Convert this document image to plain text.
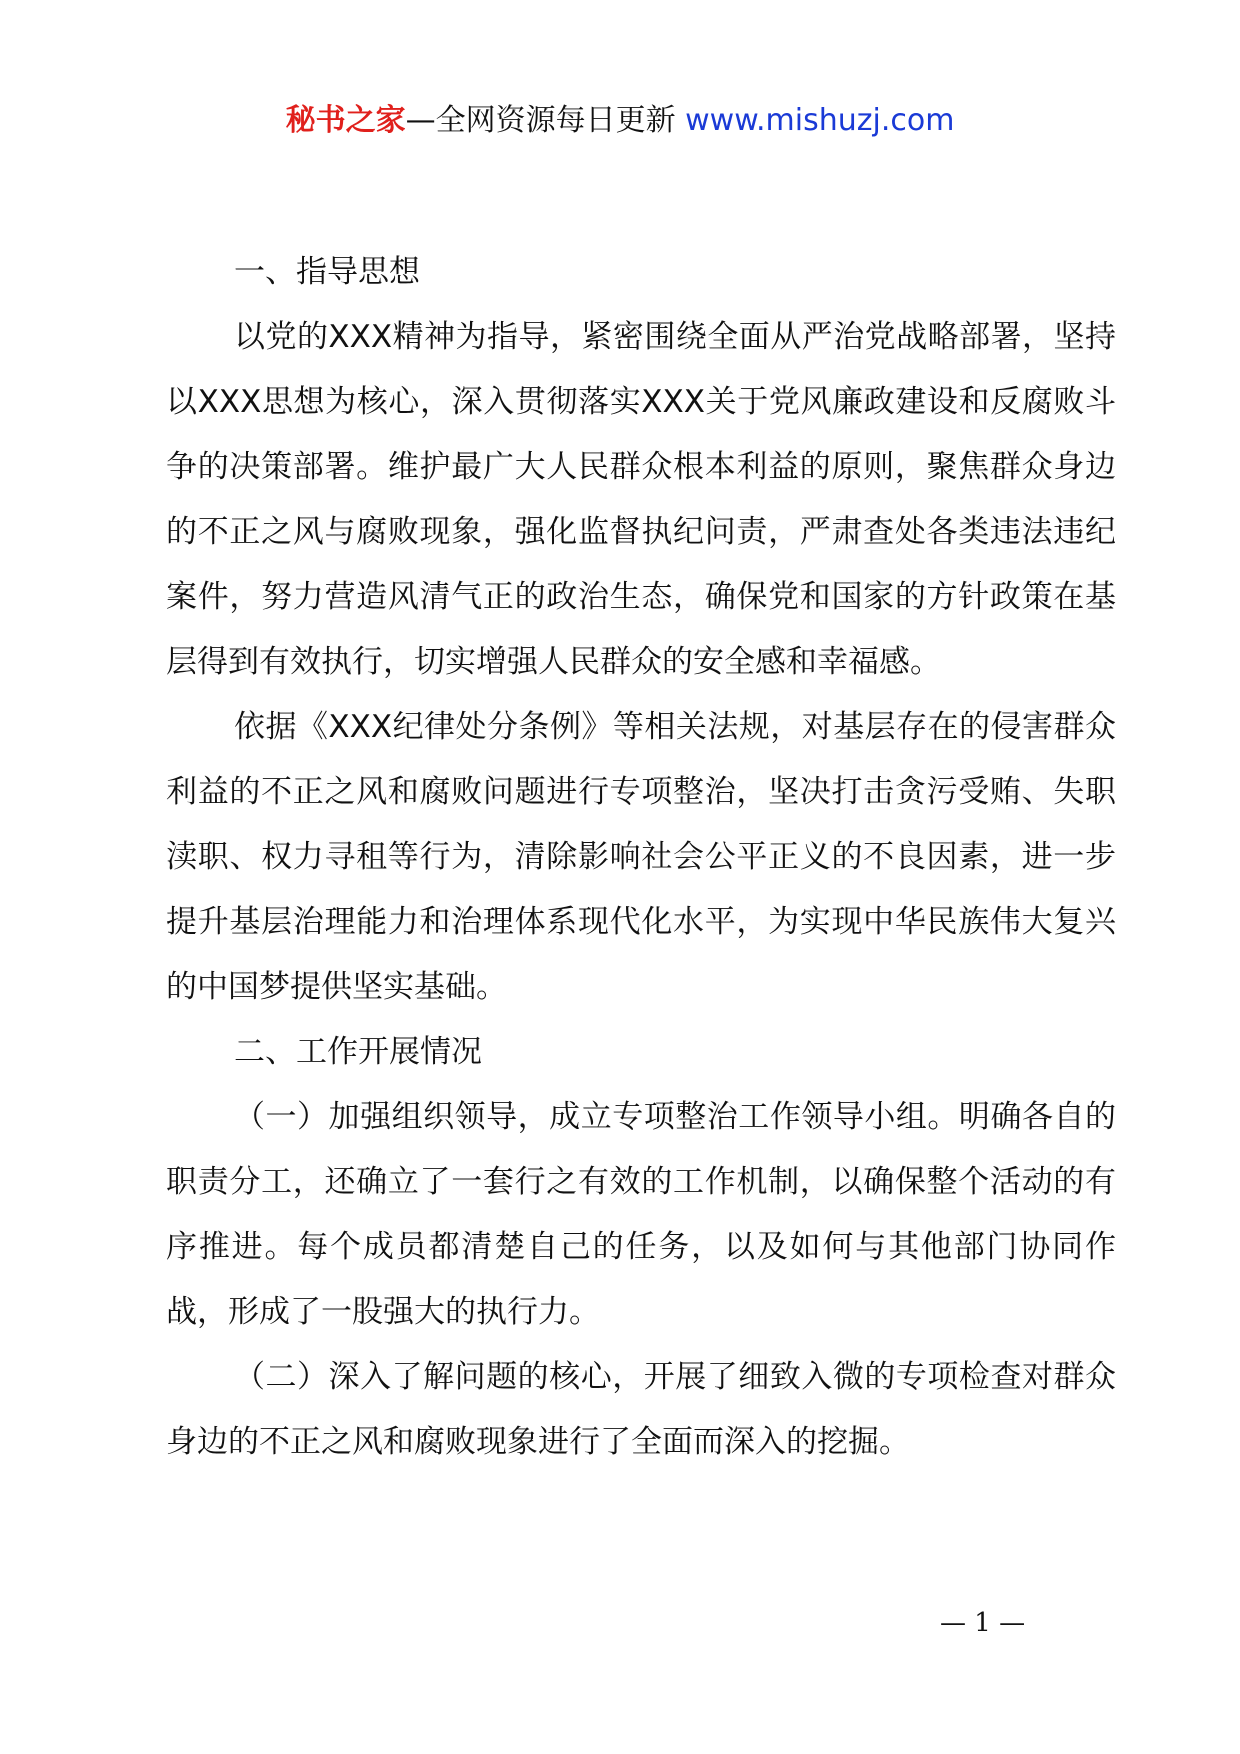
秘书之家—全网资源每日更新 www.mishuzj.com

一、指导思想

以党的XXX精神为指导，紧密围绕全面从严治党战略部署，坚持以XXX思想为核心，深入贯彻落实XXX关于党风廉政建设和反腐败斗争的决策部署。维护最广大人民群众根本利益的原则，聚焦群众身边的不正之风与腐败现象，强化监督执纪问责，严肃查处各类违法违纪案件，努力营造风清气正的政治生态，确保党和国家的方针政策在基层得到有效执行，切实增强人民群众的安全感和幸福感。

依据《XXX纪律处分条例》等相关法规，对基层存在的侵害群众利益的不正之风和腐败问题进行专项整治，坚决打击贪污受贿、失职渎职、权力寻租等行为，清除影响社会公平正义的不良因素，进一步提升基层治理能力和治理体系现代化水平，为实现中华民族伟大复兴的中国梦提供坚实基础。

二、工作开展情况

（一）加强组织领导，成立专项整治工作领导小组。明确各自的职责分工，还确立了一套行之有效的工作机制，以确保整个活动的有序推进。每个成员都清楚自己的任务，以及如何与其他部门协同作战，形成了一股强大的执行力。

（二）深入了解问题的核心，开展了细致入微的专项检查对群众身边的不正之风和腐败现象进行了全面而深入的挖掘。

— 1 —
